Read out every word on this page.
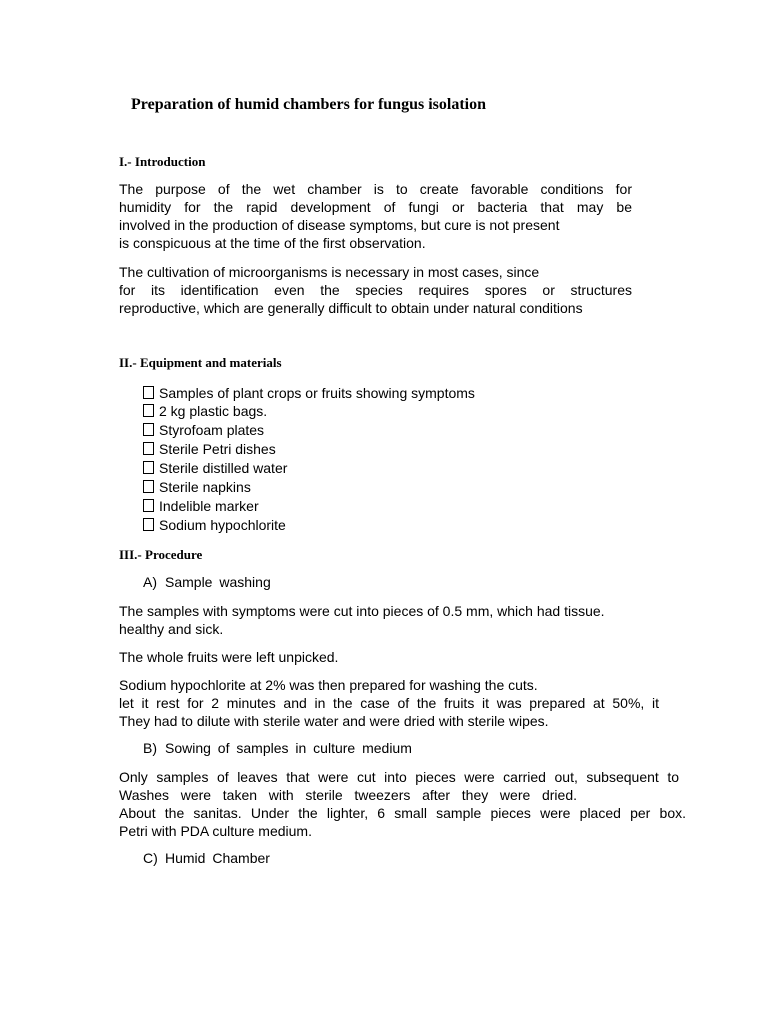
Preparation of humid chambers for fungus isolation
I.- Introduction
The purpose of the wet chamber is to create favorable conditions for
humidity for the rapid development of fungi or bacteria that may be
involved in the production of disease symptoms, but cure is not present
is conspicuous at the time of the first observation.
The cultivation of microorganisms is necessary in most cases, since
for its identification even the species requires spores or structures
reproductive, which are generally difficult to obtain under natural conditions
II.- Equipment and materials
Samples of plant crops or fruits showing symptoms
2 kg plastic bags.
Styrofoam plates
Sterile Petri dishes
Sterile distilled water
Sterile napkins
Indelible marker
Sodium hypochlorite
III.- Procedure
A) Sample washing
The samples with symptoms were cut into pieces of 0.5 mm, which had tissue.
healthy and sick.
The whole fruits were left unpicked.
Sodium hypochlorite at 2% was then prepared for washing the cuts.
let it rest for 2 minutes and in the case of the fruits it was prepared at 50%, it
They had to dilute with sterile water and were dried with sterile wipes.
B) Sowing of samples in culture medium
Only samples of leaves that were cut into pieces were carried out, subsequent to
Washes were taken with sterile tweezers after they were dried.
About the sanitas. Under the lighter, 6 small sample pieces were placed per box.
Petri with PDA culture medium.
C) Humid Chamber
